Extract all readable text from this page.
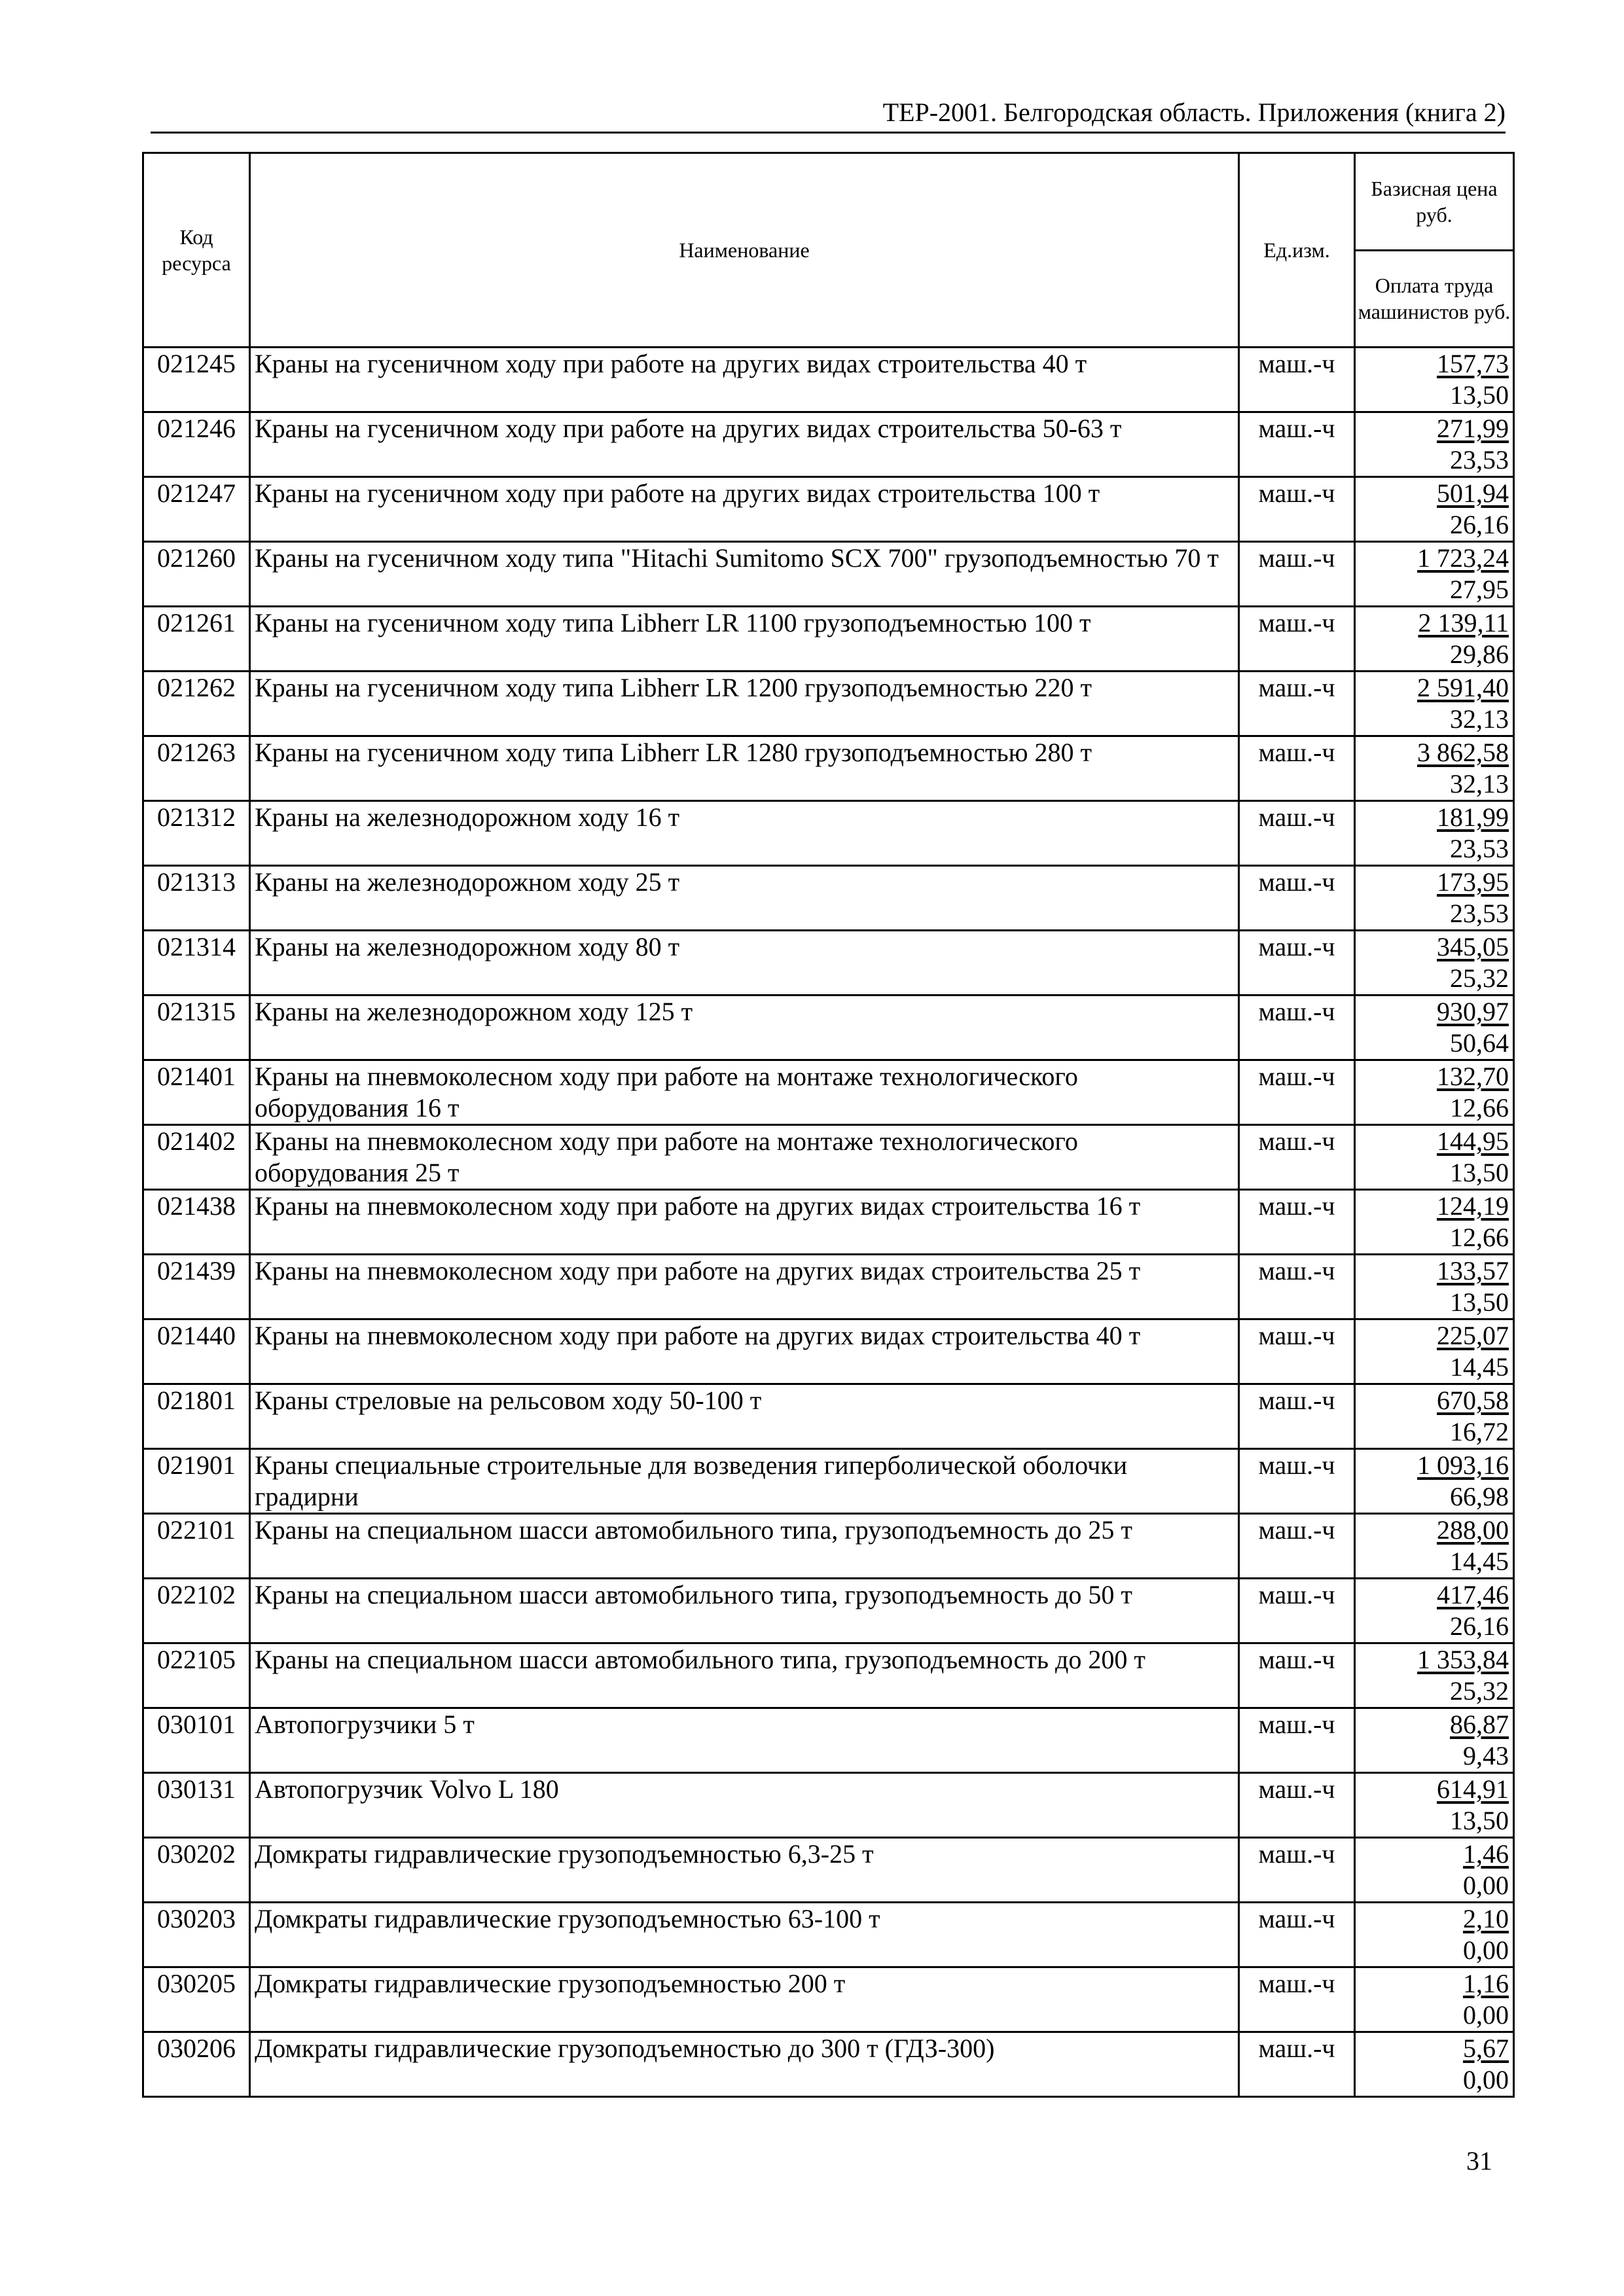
ТЕР-2001. Белгородская область. Приложения (книга 2)
Код ресурса	Наименование	Ед.изм.	Базисная цена руб.
			Оплата труда машинистов руб.
021245	Краны на гусеничном ходу при работе на других видах строительства 40 т	маш.-ч	157,73
13,50

021246	Краны на гусеничном ходу при работе на других видах строительства 50-63 т	маш.-ч	271,99
23,53

021247	Краны на гусеничном ходу при работе на других видах строительства 100 т	маш.-ч	501,94
26,16

021260	Краны на гусеничном ходу типа "Hitachi Sumitomo SCX 700" грузоподъемностью 70 т	маш.-ч	1 723,24
27,95

021261	Краны на гусеничном ходу типа Libherr LR 1100 грузоподъемностью 100 т	маш.-ч	2 139,11
29,86

021262	Краны на гусеничном ходу типа Libherr LR 1200 грузоподъемностью 220 т	маш.-ч	2 591,40
32,13

021263	Краны на гусеничном ходу типа Libherr LR 1280 грузоподъемностью 280 т	маш.-ч	3 862,58
32,13

021312	Краны на железнодорожном ходу 16 т	маш.-ч	181,99
23,53

021313	Краны на железнодорожном ходу 25 т	маш.-ч	173,95
23,53

021314	Краны на железнодорожном ходу 80 т	маш.-ч	345,05
25,32

021315	Краны на железнодорожном ходу 125 т	маш.-ч	930,97
50,64

021401	Краны на пневмоколесном ходу при работе на монтаже технологического оборудования 16 т	маш.-ч	132,70
12,66

021402	Краны на пневмоколесном ходу при работе на монтаже технологического оборудования 25 т	маш.-ч	144,95
13,50

021438	Краны на пневмоколесном ходу при работе на других видах строительства 16 т	маш.-ч	124,19
12,66

021439	Краны на пневмоколесном ходу при работе на других видах строительства 25 т	маш.-ч	133,57
13,50

021440	Краны на пневмоколесном ходу при работе на других видах строительства 40 т	маш.-ч	225,07
14,45

021801	Краны стреловые на рельсовом ходу 50-100 т	маш.-ч	670,58
16,72

021901	Краны специальные строительные для возведения гиперболической оболочки градирни	маш.-ч	1 093,16
66,98

022101	Краны на специальном шасси автомобильного типа, грузоподъемность до 25 т	маш.-ч	288,00
14,45

022102	Краны на специальном шасси автомобильного типа, грузоподъемность до 50 т	маш.-ч	417,46
26,16

022105	Краны на специальном шасси автомобильного типа, грузоподъемность до 200 т	маш.-ч	1 353,84
25,32

030101	Автопогрузчики 5 т	маш.-ч	86,87
9,43

030131	Автопогрузчик Volvo L 180	маш.-ч	614,91
13,50

030202	Домкраты гидравлические грузоподъемностью 6,3-25 т	маш.-ч	1,46
0,00

030203	Домкраты гидравлические грузоподъемностью 63-100 т	маш.-ч	2,10
0,00

030205	Домкраты гидравлические грузоподъемностью 200 т	маш.-ч	1,16
0,00

030206	Домкраты гидравлические грузоподъемностью до 300 т (ГДЗ-300)	маш.-ч	5,67
0,00
31
